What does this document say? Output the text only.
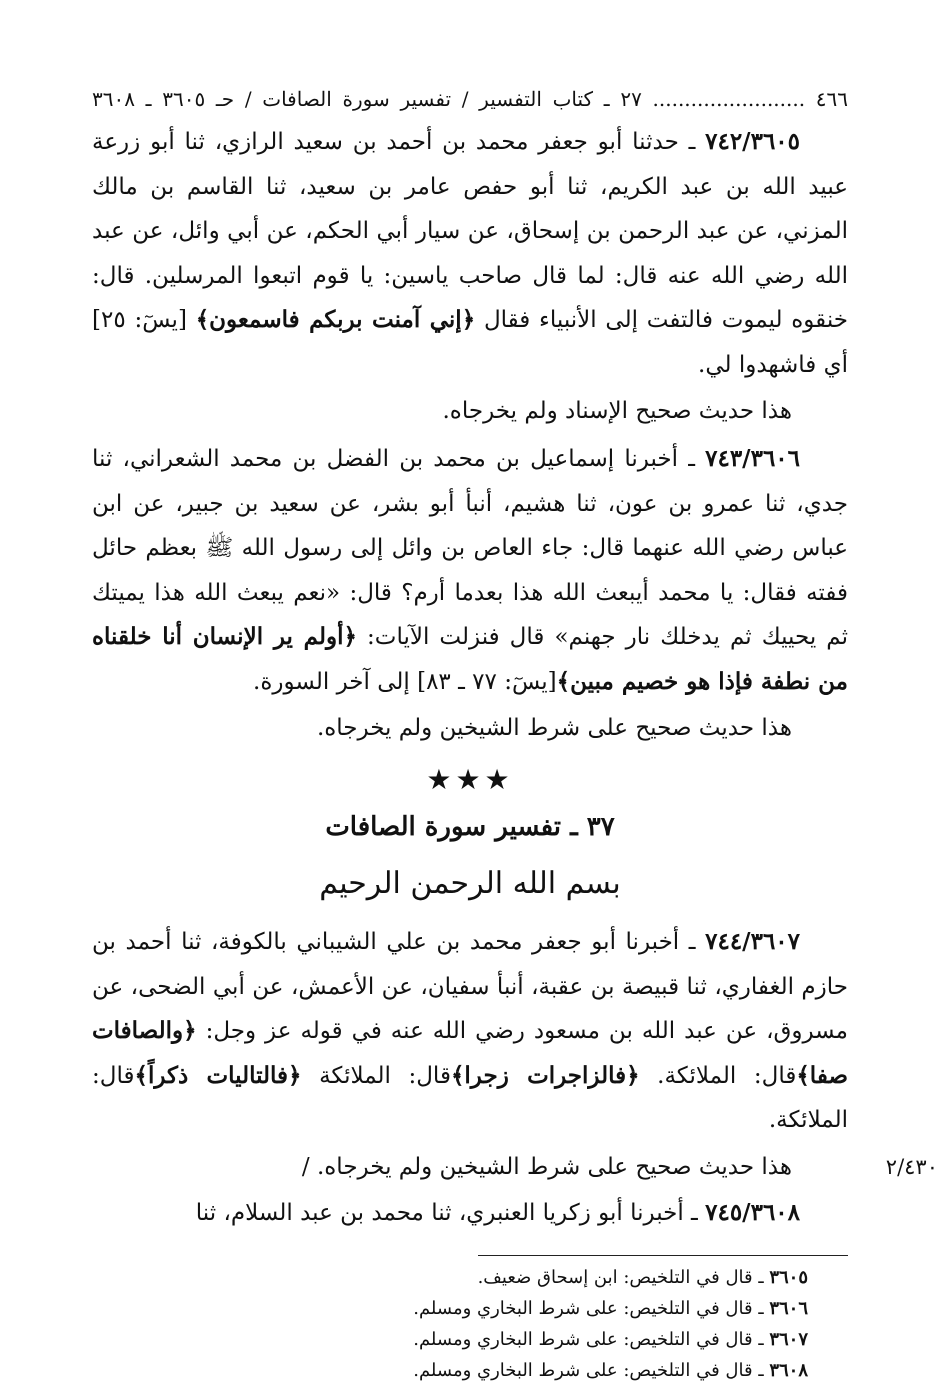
٤٦٦ ........................ ٢٧ ـ كتاب التفسير / تفسير سورة الصافات / حـ ٣٦٠٥ ـ ٣٦٠٨

٧٤٢/٣٦٠٥ ـ حدثنا أبو جعفر محمد بن أحمد بن سعيد الرازي، ثنا أبو زرعة عبيد الله بن عبد الكريم، ثنا أبو حفص عامر بن سعيد، ثنا القاسم بن مالك المزني، عن عبد الرحمن بن إسحاق، عن سيار أبي الحكم، عن أبي وائل، عن عبد الله رضي الله عنه قال: لما قال صاحب ياسين: يا قوم اتبعوا المرسلين. قال: خنقوه ليموت فالتفت إلى الأنبياء فقال ﴿إني آمنت بربكم فاسمعون﴾ [يسٓ: ٢٥] أي فاشهدوا لي.

هذا حديث صحيح الإسناد ولم يخرجاه.

٧٤٣/٣٦٠٦ ـ أخبرنا إسماعيل بن محمد بن الفضل بن محمد الشعراني، ثنا جدي، ثنا عمرو بن عون، ثنا هشيم، أنبأ أبو بشر، عن سعيد بن جبير، عن ابن عباس رضي الله عنهما قال: جاء العاص بن وائل إلى رسول الله ﷺ بعظم حائل ففته فقال: يا محمد أيبعث الله هذا بعدما أرم؟ قال: «نعم يبعث الله هذا يميتك ثم يحييك ثم يدخلك نار جهنم» قال فنزلت الآيات: ﴿أولم ير الإنسان أنا خلقناه من نطفة فإذا هو خصيم مبين﴾[يسٓ: ٧٧ ـ ٨٣] إلى آخر السورة.

هذا حديث صحيح على شرط الشيخين ولم يخرجاه.

★★★
٣٧ ـ تفسير سورة الصافات
بسم الله الرحمن الرحيم

٧٤٤/٣٦٠٧ ـ أخبرنا أبو جعفر محمد بن علي الشيباني بالكوفة، ثنا أحمد بن حازم الغفاري، ثنا قبيصة بن عقبة، أنبأ سفيان، عن الأعمش، عن أبي الضحى، عن مسروق، عن عبد الله بن مسعود رضي الله عنه في قوله عز وجل: ﴿والصافات صفا﴾قال: الملائكة. ﴿فالزاجرات زجرا﴾قال: الملائكة ﴿فالتاليات ذكراً﴾قال: الملائكة.

٢/٤٣٠

هذا حديث صحيح على شرط الشيخين ولم يخرجاه. /

٧٤٥/٣٦٠٨ ـ أخبرنا أبو زكريا العنبري، ثنا محمد بن عبد السلام، ثنا

٣٦٠٥ ـ قال في التلخيص: ابن إسحاق ضعيف.

٣٦٠٦ ـ قال في التلخيص: على شرط البخاري ومسلم.

٣٦٠٧ ـ قال في التلخيص: على شرط البخاري ومسلم.

٣٦٠٨ ـ قال في التلخيص: على شرط البخاري ومسلم.
